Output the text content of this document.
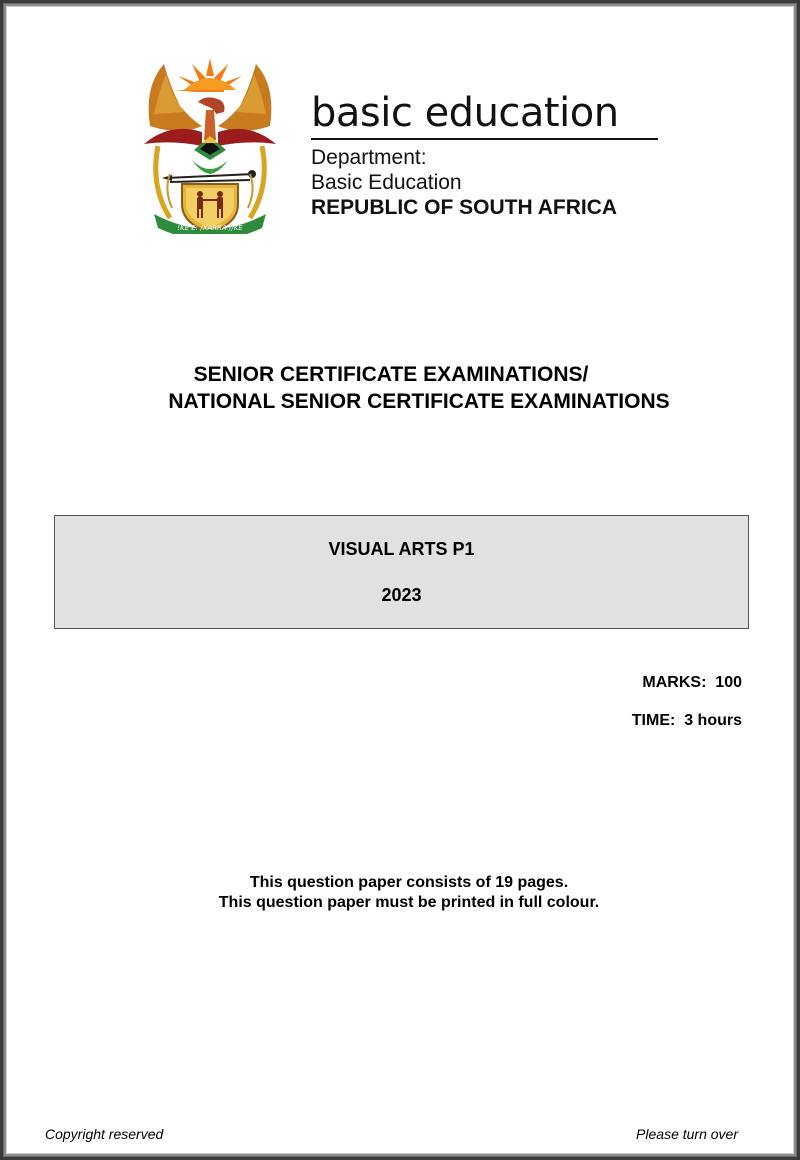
!KE E: /XARRA //KE
basic education
Department:
Basic Education
REPUBLIC OF SOUTH AFRICA
SENIOR CERTIFICATE EXAMINATIONS/
NATIONAL SENIOR CERTIFICATE EXAMINATIONS
VISUAL ARTS P1
2023
MARKS:  100
TIME:  3 hours
This question paper consists of 19 pages.
This question paper must be printed in full colour.
Copyright reserved	Please turn over
